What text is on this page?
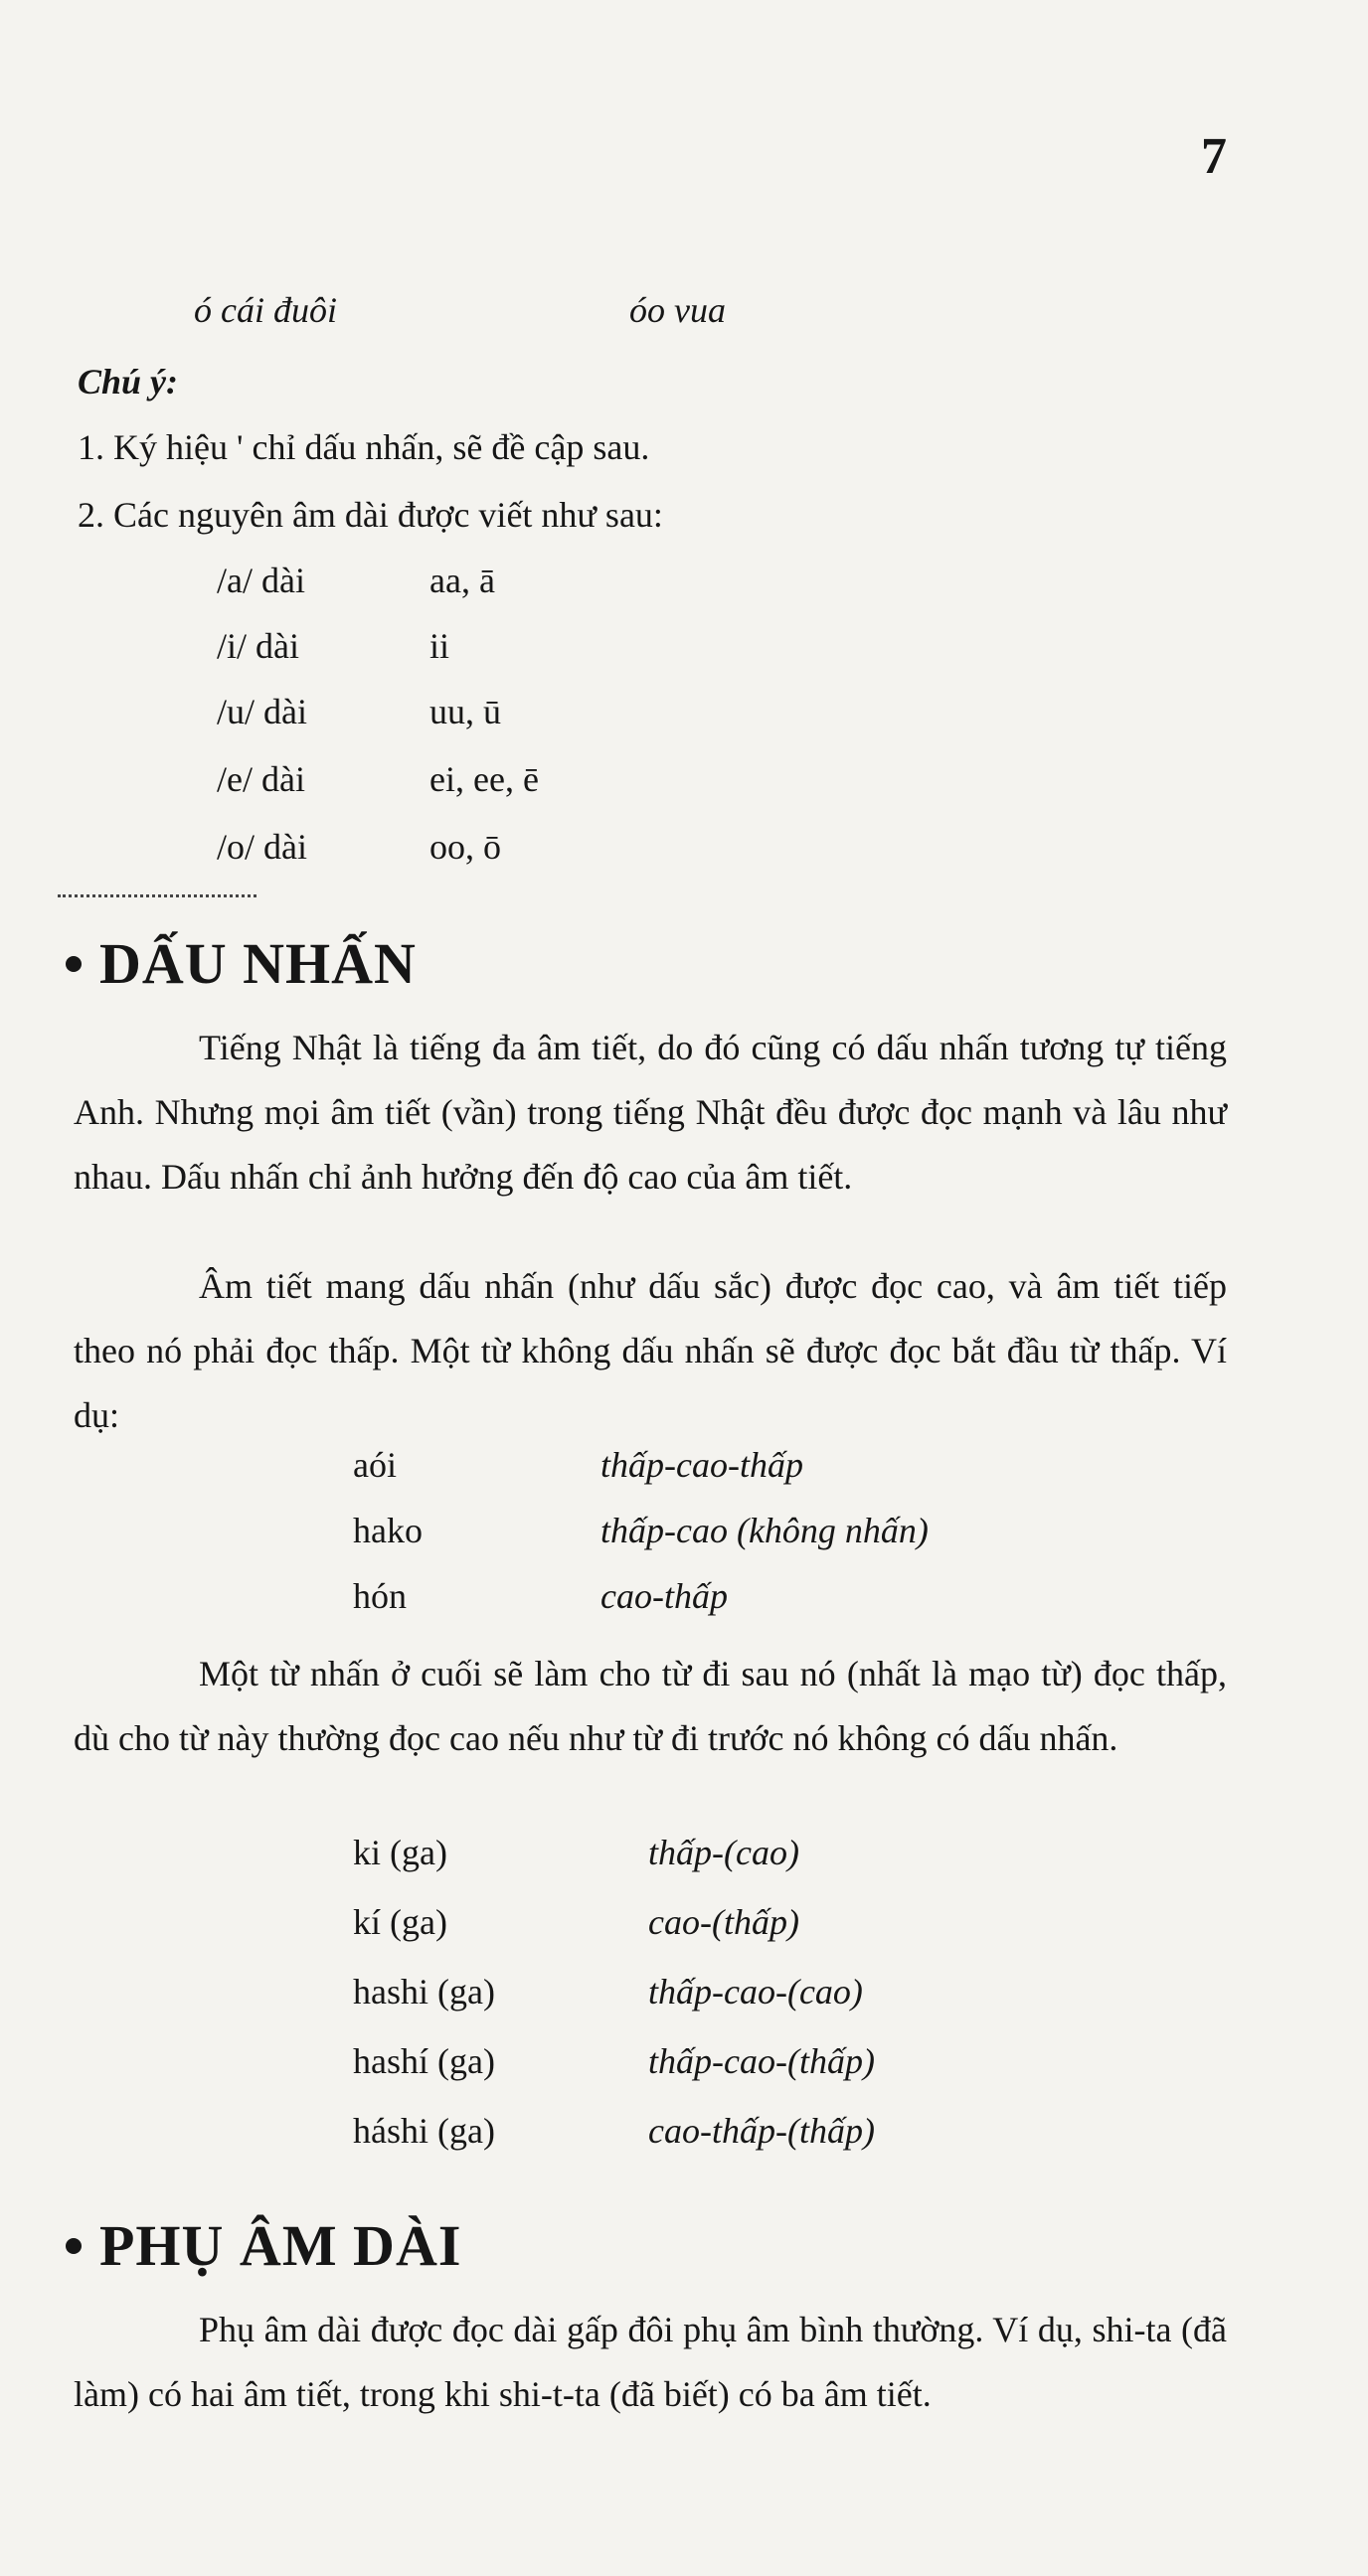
7
ó cái đuôi	óo vua
Chú ý:
1. Ký hiệu ' chỉ dấu nhấn, sẽ đề cập sau.
2. Các nguyên âm dài được viết như sau:
/a/ dài	aa, ā
/i/ dài	ii
/u/ dài	uu, ū
/e/ dài	ei, ee, ē
/o/ dài	oo, ō
DẤU NHẤN

Tiếng Nhật là tiếng đa âm tiết, do đó cũng có dấu nhấn tương tự tiếng Anh. Nhưng mọi âm tiết (vần) trong tiếng Nhật đều được đọc mạnh và lâu như nhau. Dấu nhấn chỉ ảnh hưởng đến độ cao của âm tiết.

Âm tiết mang dấu nhấn (như dấu sắc) được đọc cao, và âm tiết tiếp theo nó phải đọc thấp. Một từ không dấu nhấn sẽ được đọc bắt đầu từ thấp. Ví dụ:

aói	thấp-cao-thấp
hako	thấp-cao (không nhấn)
hón	cao-thấp

Một từ nhấn ở cuối sẽ làm cho từ đi sau nó (nhất là mạo từ) đọc thấp, dù cho từ này thường đọc cao nếu như từ đi trước nó không có dấu nhấn.

ki (ga)	thấp-(cao)
kí (ga)	cao-(thấp)
hashi (ga)	thấp-cao-(cao)
hashí (ga)	thấp-cao-(thấp)
háshi (ga)	cao-thấp-(thấp)
PHỤ ÂM DÀI

Phụ âm dài được đọc dài gấp đôi phụ âm bình thường. Ví dụ, shi-ta (đã làm) có hai âm tiết, trong khi shi-t-ta (đã biết) có ba âm tiết.
